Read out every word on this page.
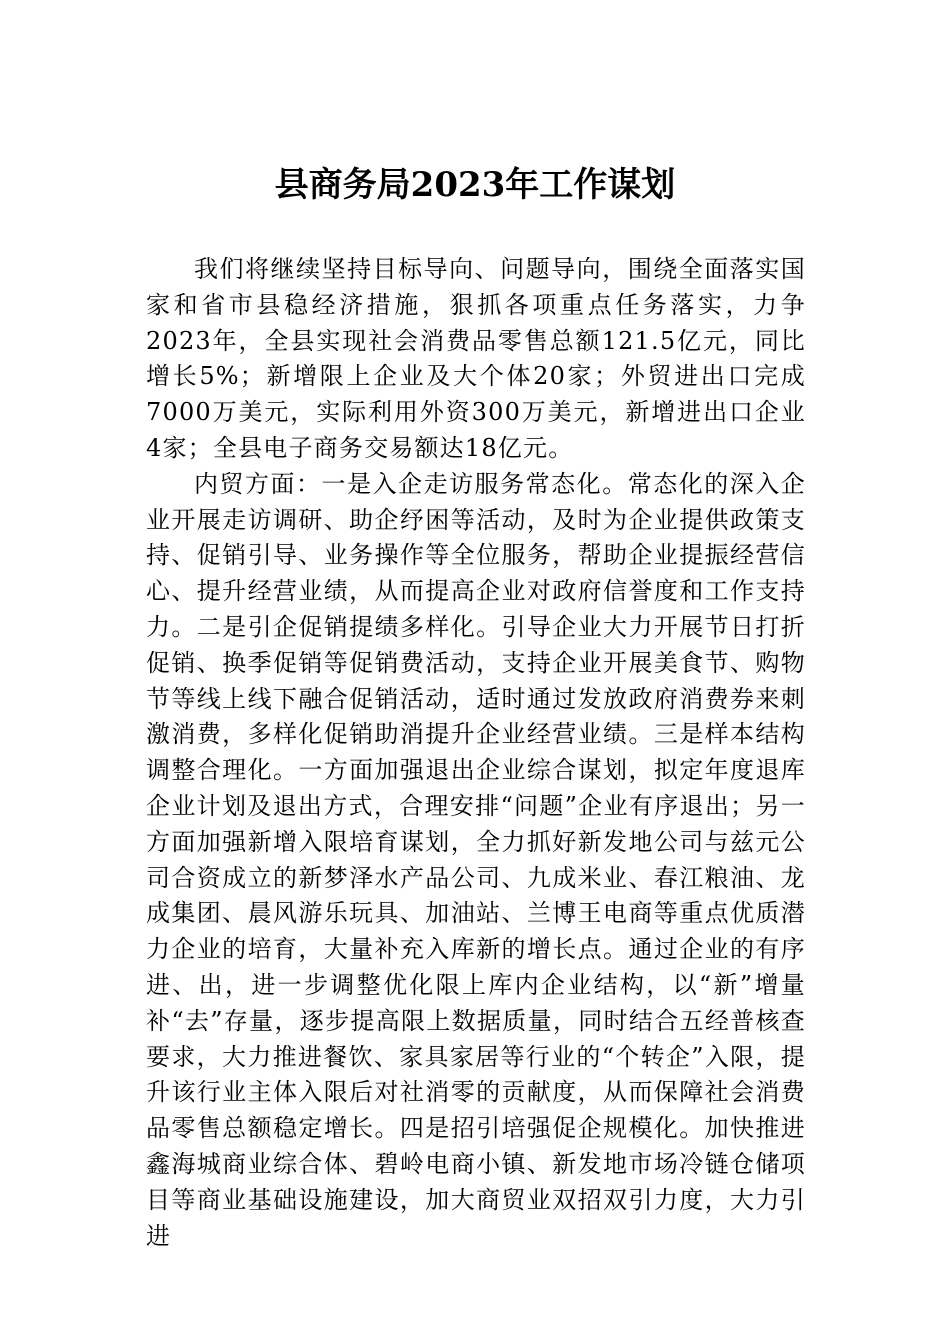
县商务局2023年工作谋划

我们将继续坚持目标导向、问题导向，围绕全面落实国家和省市县稳经济措施，狠抓各项重点任务落实，力争2023年，全县实现社会消费品零售总额121.5亿元，同比增长5%；新增限上企业及大个体20家；外贸进出口完成7000万美元，实际利用外资300万美元，新增进出口企业4家；全县电子商务交易额达18亿元。

内贸方面：一是入企走访服务常态化。常态化的深入企业开展走访调研、助企纾困等活动，及时为企业提供政策支持、促销引导、业务操作等全位服务，帮助企业提振经营信心、提升经营业绩，从而提高企业对政府信誉度和工作支持力。二是引企促销提绩多样化。引导企业大力开展节日打折促销、换季促销等促销费活动，支持企业开展美食节、购物节等线上线下融合促销活动，适时通过发放政府消费券来刺激消费，多样化促销助消提升企业经营业绩。三是样本结构调整合理化。一方面加强退出企业综合谋划，拟定年度退库企业计划及退出方式，合理安排“问题”企业有序退出；另一方面加强新增入限培育谋划，全力抓好新发地公司与兹元公司合资成立的新梦泽水产品公司、九成米业、春江粮油、龙成集团、晨风游乐玩具、加油站、兰博王电商等重点优质潜力企业的培育，大量补充入库新的增长点。通过企业的有序进、出，进一步调整优化限上库内企业结构，以“新”增量补“去”存量，逐步提高限上数据质量，同时结合五经普核查要求，大力推进餐饮、家具家居等行业的“个转企”入限，提升该行业主体入限后对社消零的贡献度，从而保障社会消费品零售总额稳定增长。四是招引培强促企规模化。加快推进鑫海城商业综合体、碧岭电商小镇、新发地市场冷链仓储项目等商业基础设施建设，加大商贸业双招双引力度，大力引进
